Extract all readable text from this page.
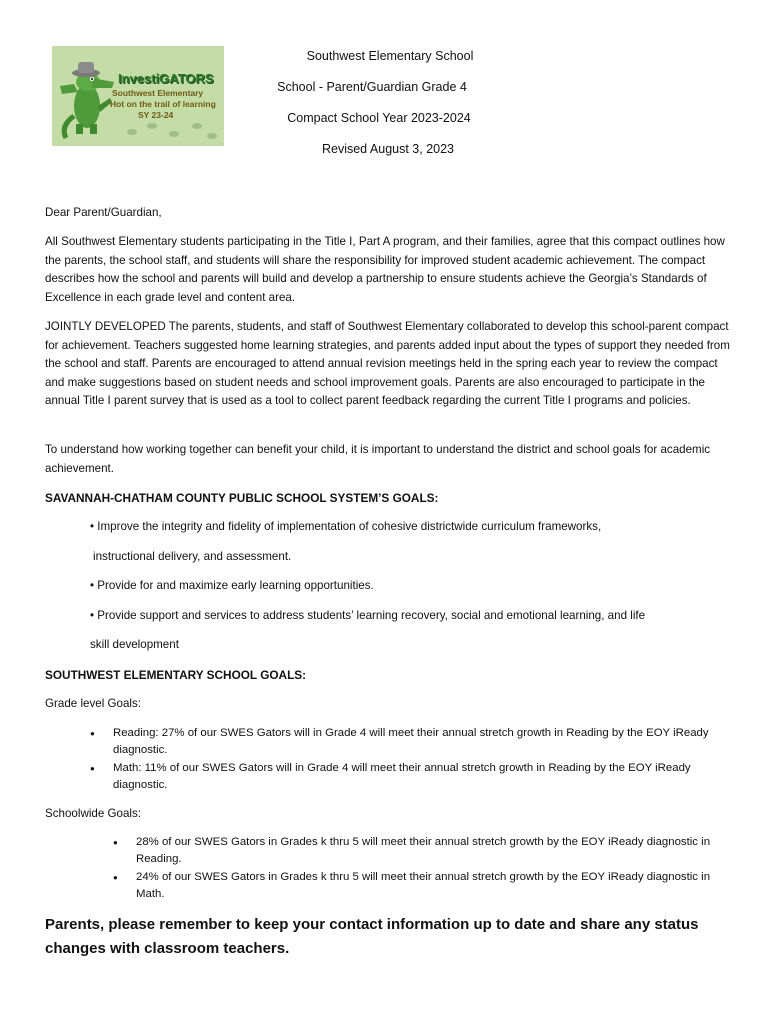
InvestiGATORS
Southwest Elementary
Hot on the trail of learning
SY 23-24
Southwest Elementary School
School - Parent/Guardian Grade 4
Compact School Year 2023-2024
Revised August 3, 2023

Dear Parent/Guardian,

All Southwest Elementary students participating in the Title I, Part A program, and their families, agree that this compact outlines how the parents, the school staff, and students will share the responsibility for improved student academic achievement. The compact describes how the school and parents will build and develop a partnership to ensure students achieve the Georgia’s Standards of Excellence in each grade level and content area.

JOINTLY DEVELOPED The parents, students, and staff of Southwest Elementary collaborated to develop this school-parent compact for achievement. Teachers suggested home learning strategies, and parents added input about the types of support they needed from the school and staff. Parents are encouraged to attend annual revision meetings held in the spring each year to review the compact and make suggestions based on student needs and school improvement goals. Parents are also encouraged to participate in the annual Title I parent survey that is used as a tool to collect parent feedback regarding the current Title I programs and policies.

To understand how working together can benefit your child, it is important to understand the district and school goals for academic achievement.

SAVANNAH-CHATHAM COUNTY PUBLIC SCHOOL SYSTEM’S GOALS:

• Improve the integrity and fidelity of implementation of cohesive districtwide curriculum frameworks,

instructional delivery, and assessment.

• Provide for and maximize early learning opportunities.

• Provide support and services to address students’ learning recovery, social and emotional learning, and life

skill development

SOUTHWEST ELEMENTARY SCHOOL GOALS:
Grade level Goals:
● Reading: 27% of our SWES Gators will in Grade 4 will meet their annual stretch growth in Reading by the EOY iReady diagnostic.
● Math: 11% of our SWES Gators will in Grade 4 will meet their annual stretch growth in Reading by the EOY iReady diagnostic.
Schoolwide Goals:
● 28% of our SWES Gators in Grades k thru 5 will meet their annual stretch growth by the EOY iReady diagnostic in Reading.
● 24% of our SWES Gators in Grades k thru 5 will meet their annual stretch growth by the EOY iReady diagnostic in Math.

Parents, please remember to keep your contact information up to date and share any status changes with classroom teachers.
